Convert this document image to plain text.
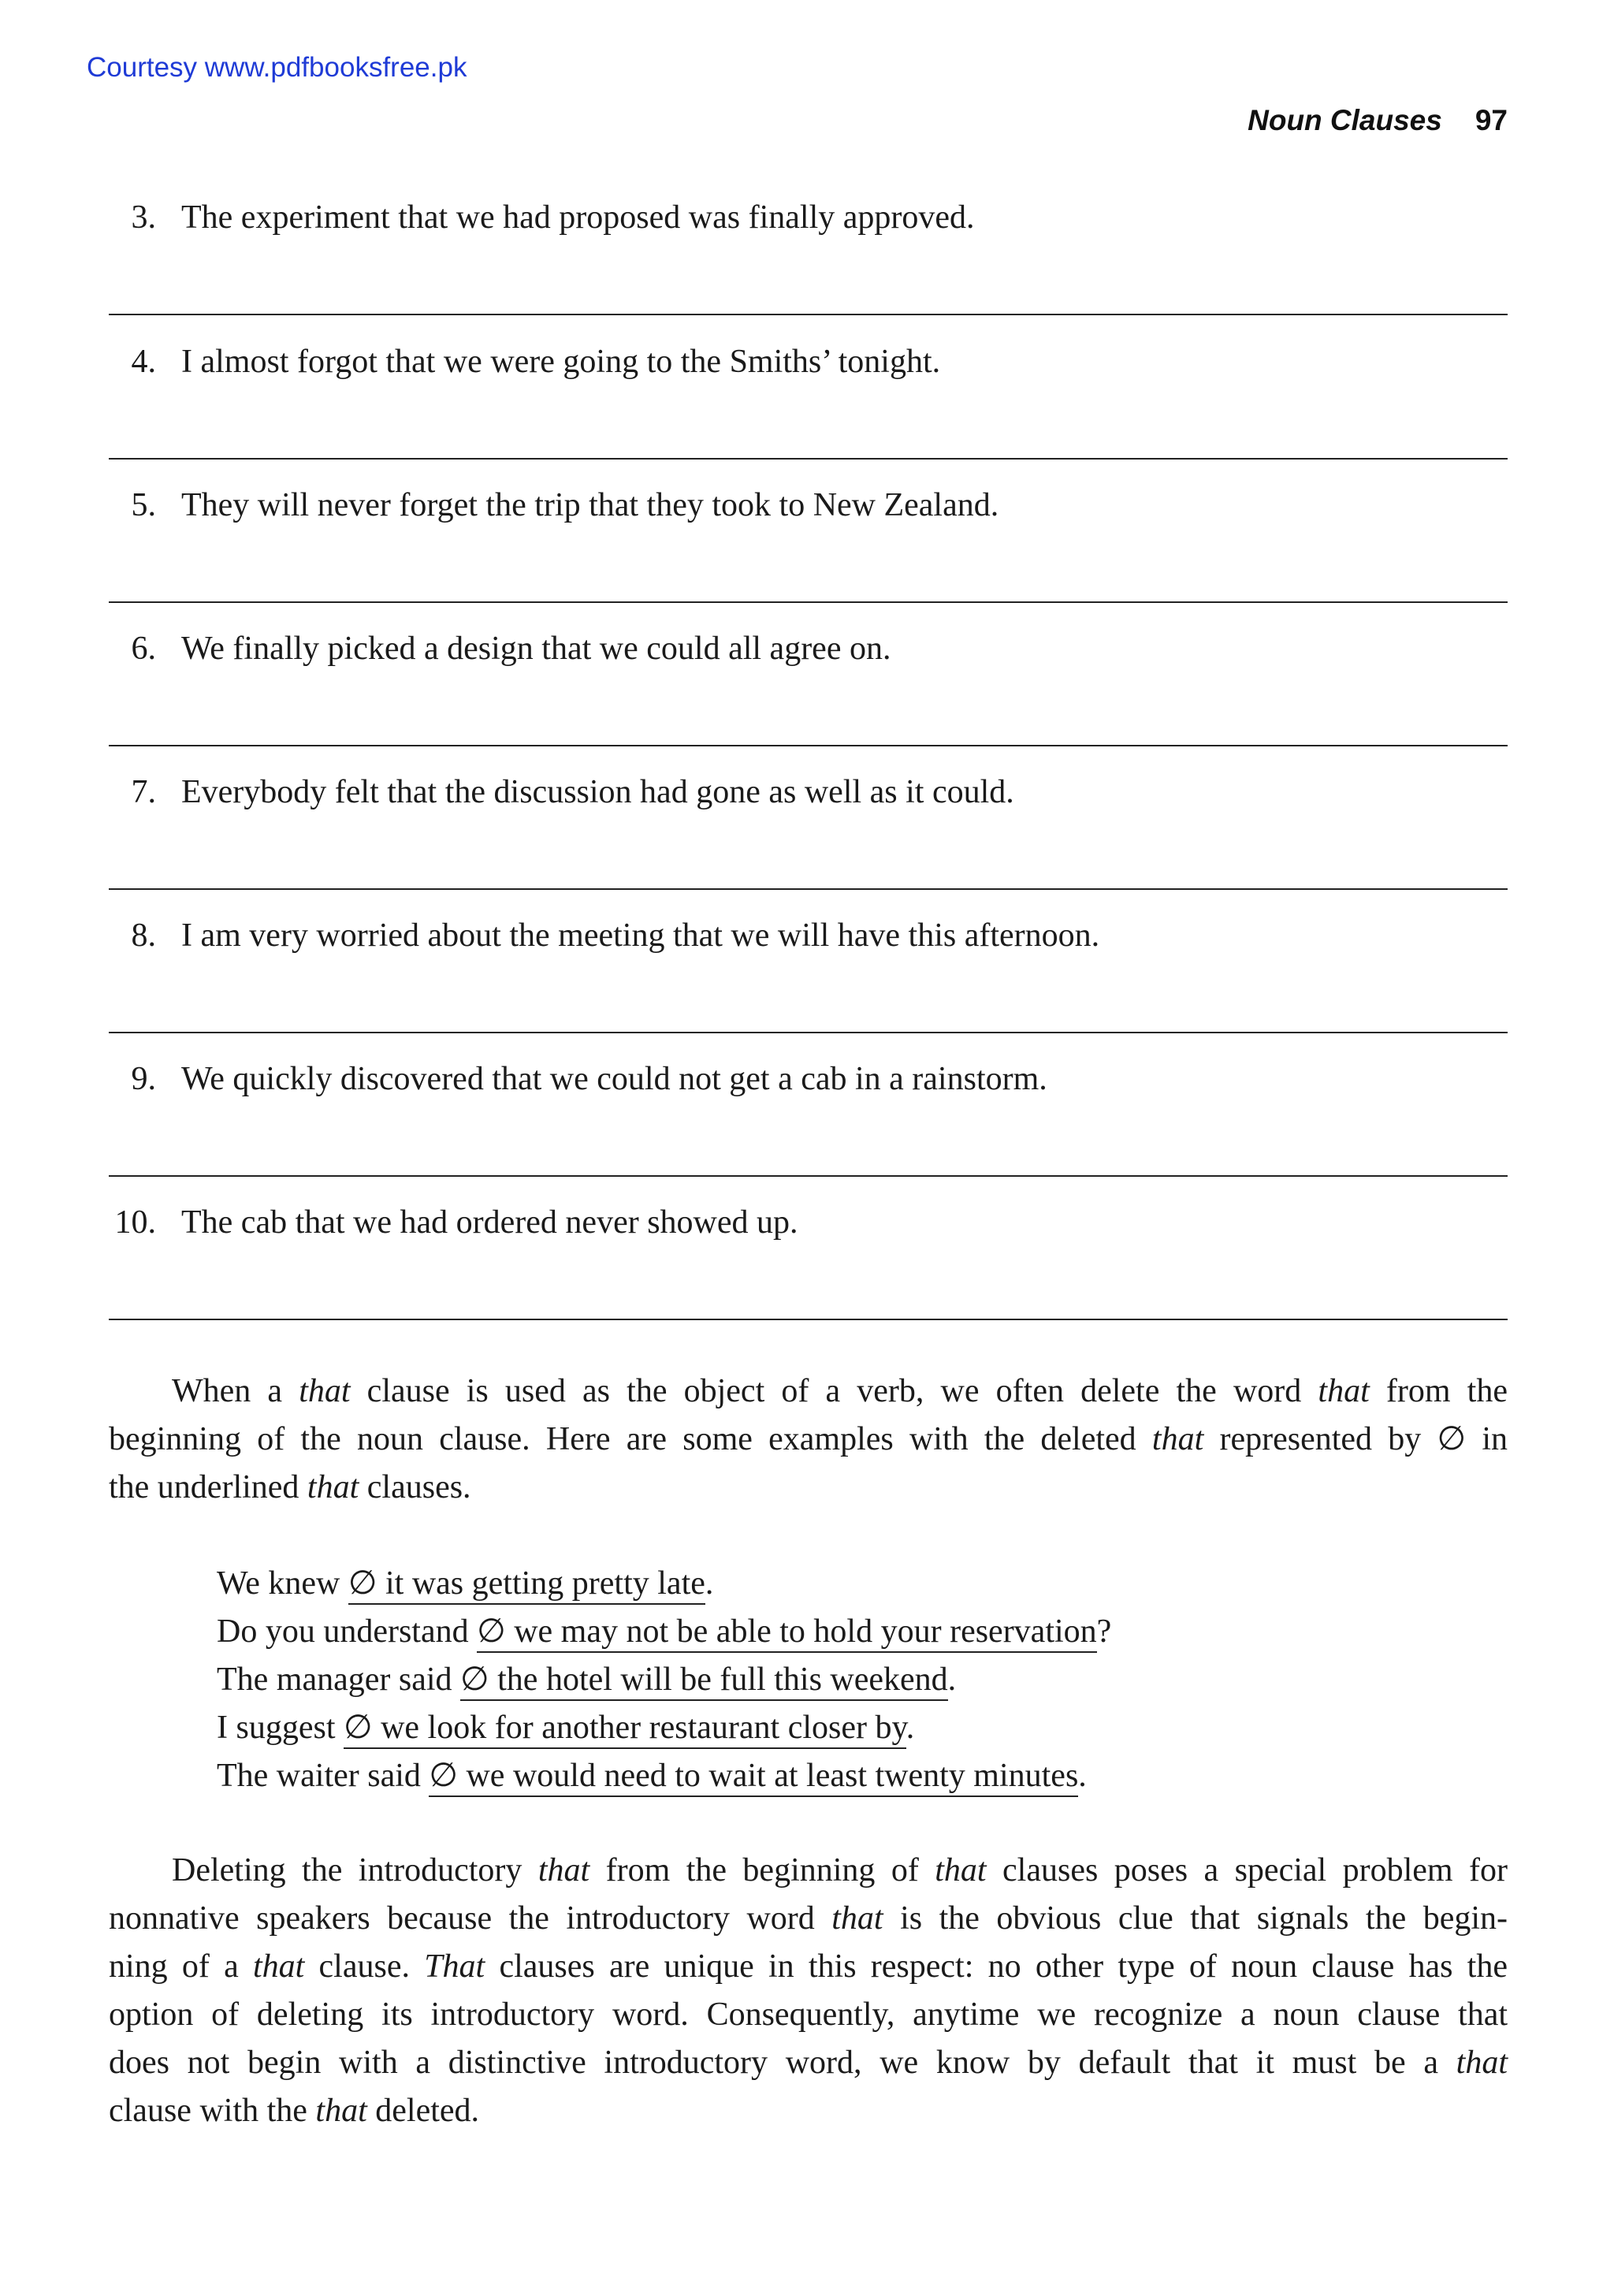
Courtesy www.pdfbooksfree.pk
Noun Clauses 97
3. The experiment that we had proposed was finally approved.
4. I almost forgot that we were going to the Smiths’ tonight.
5. They will never forget the trip that they took to New Zealand.
6. We finally picked a design that we could all agree on.
7. Everybody felt that the discussion had gone as well as it could.
8. I am very worried about the meeting that we will have this afternoon.
9. We quickly discovered that we could not get a cab in a rainstorm.
10. The cab that we had ordered never showed up.

When a that clause is used as the object of a verb, we often delete the word that from the
beginning of the noun clause. Here are some examples with the deleted that represented by ∅ in
the underlined that clauses.

We knew ∅ it was getting pretty late.
Do you understand ∅ we may not be able to hold your reservation?
The manager said ∅ the hotel will be full this weekend.
I suggest ∅ we look for another restaurant closer by.
The waiter said ∅ we would need to wait at least twenty minutes.

Deleting the introductory that from the beginning of that clauses poses a special problem for
nonnative speakers because the introductory word that is the obvious clue that signals the begin-
ning of a that clause. That clauses are unique in this respect: no other type of noun clause has the
option of deleting its introductory word. Consequently, anytime we recognize a noun clause that
does not begin with a distinctive introductory word, we know by default that it must be a that
clause with the that deleted.
